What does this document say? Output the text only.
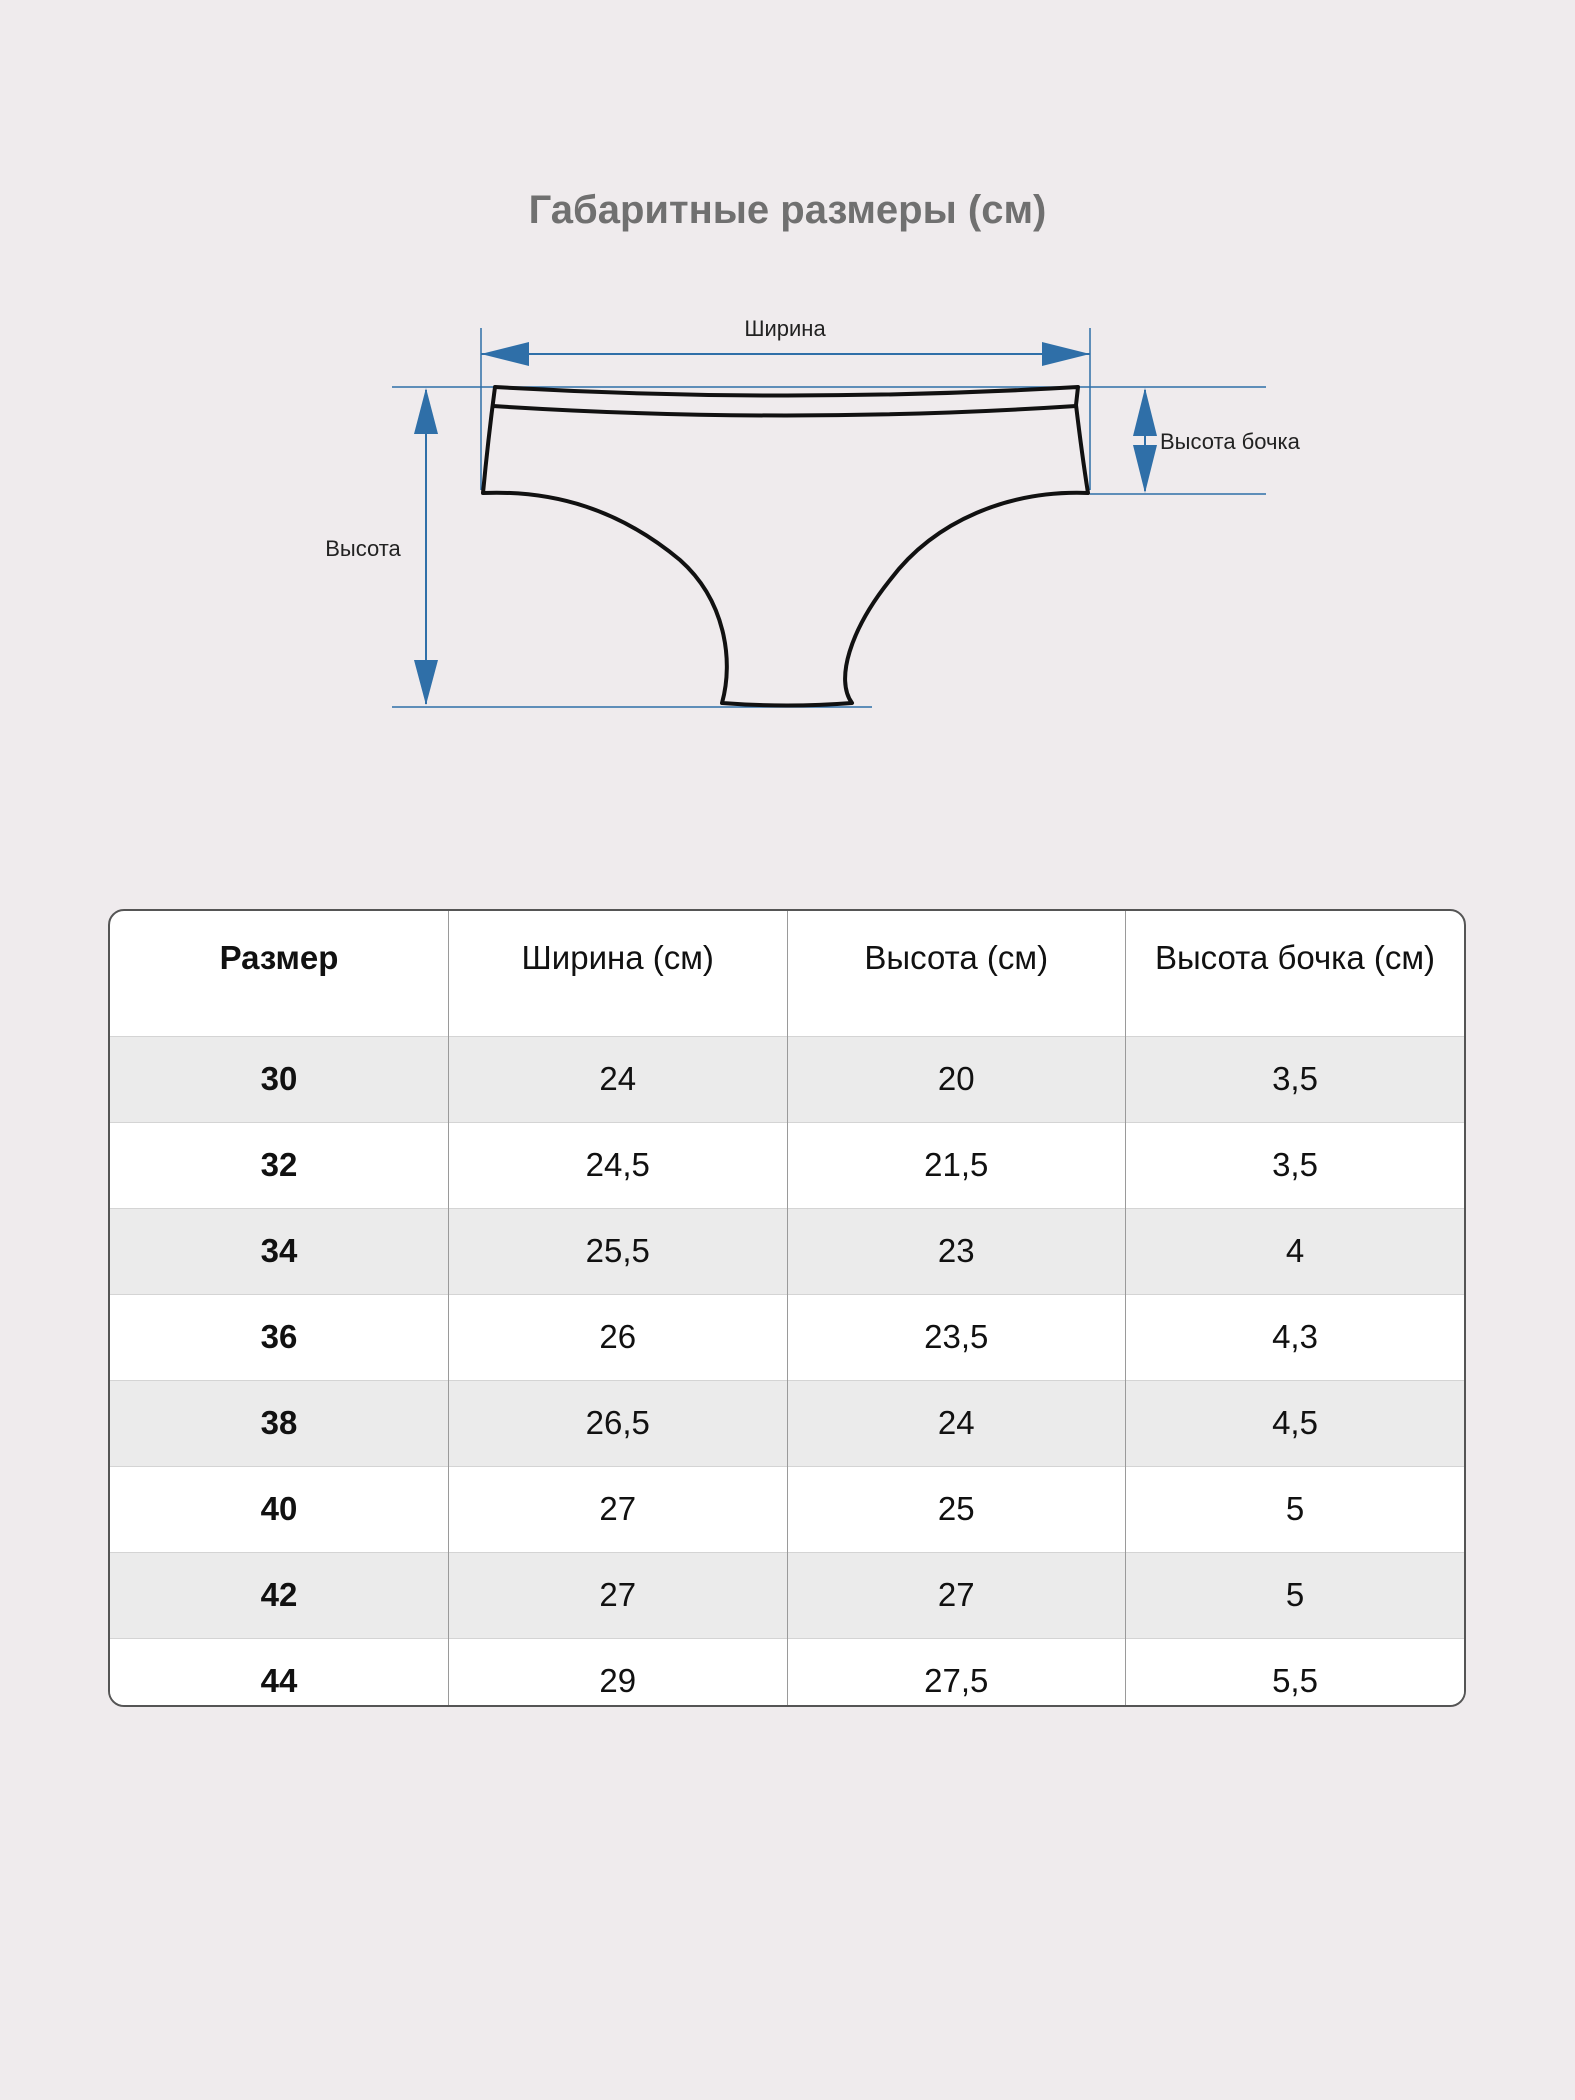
Габаритные размеры (см)
Ширина
Высота
Высота бочка
Размер	Ширина (см)	Высота (см)	Высота бочка (см)
30	24	20	3,5
32	24,5	21,5	3,5
34	25,5	23	4
36	26	23,5	4,3
38	26,5	24	4,5
40	27	25	5
42	27	27	5
44	29	27,5	5,5
